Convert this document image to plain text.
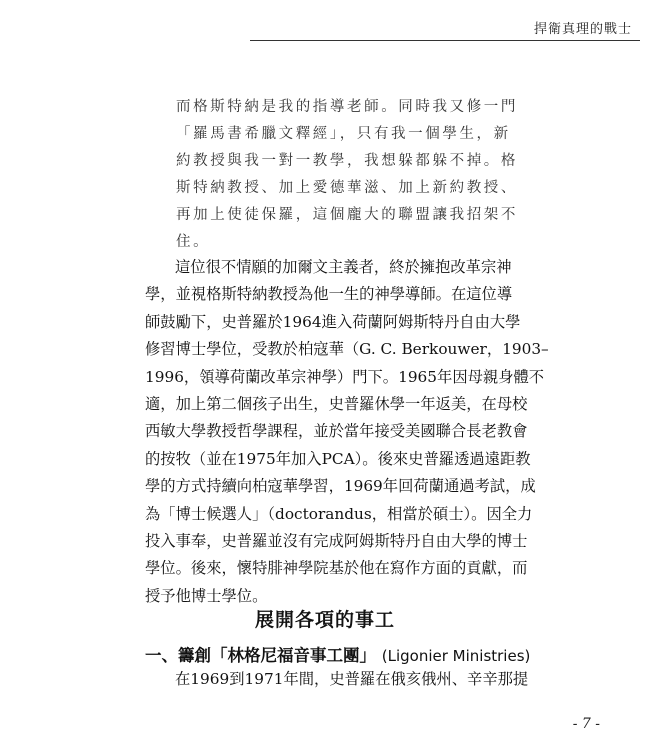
捍衛真理的戰士

而格斯特納是我的指導老師。同時我又修一門

「羅馬書希臘文釋經」，只有我一個學生，新

約教授與我一對一教學，我想躲都躲不掉。格

斯特納教授、加上愛德華滋、加上新約教授、

再加上使徒保羅，這個龐大的聯盟讓我招架不

住。

這位很不情願的加爾文主義者，終於擁抱改革宗神

學，並視格斯特納教授為他一生的神學導師。在這位導

師鼓勵下，史普羅於1964進入荷蘭阿姆斯特丹自由大學

修習博士學位，受教於柏寇華（G. C. Berkouwer，1903–

1996，領導荷蘭改革宗神學）門下。1965年因母親身體不

適，加上第二個孩子出生，史普羅休學一年返美，在母校

西敏大學教授哲學課程，並於當年接受美國聯合長老教會

的按牧（並在1975年加入PCA）。後來史普羅透過遠距教

學的方式持續向柏寇華學習，1969年回荷蘭通過考試，成

為「博士候選人」（doctorandus，相當於碩士）。因全力

投入事奉，史普羅並沒有完成阿姆斯特丹自由大學的博士

學位。後來，懷特腓神學院基於他在寫作方面的貢獻，而

授予他博士學位。

展開各項的事工
一、籌創「林格尼福音事工團」 (Ligonier Ministries)

在1969到1971年間，史普羅在俄亥俄州、辛辛那提

- 7 -
